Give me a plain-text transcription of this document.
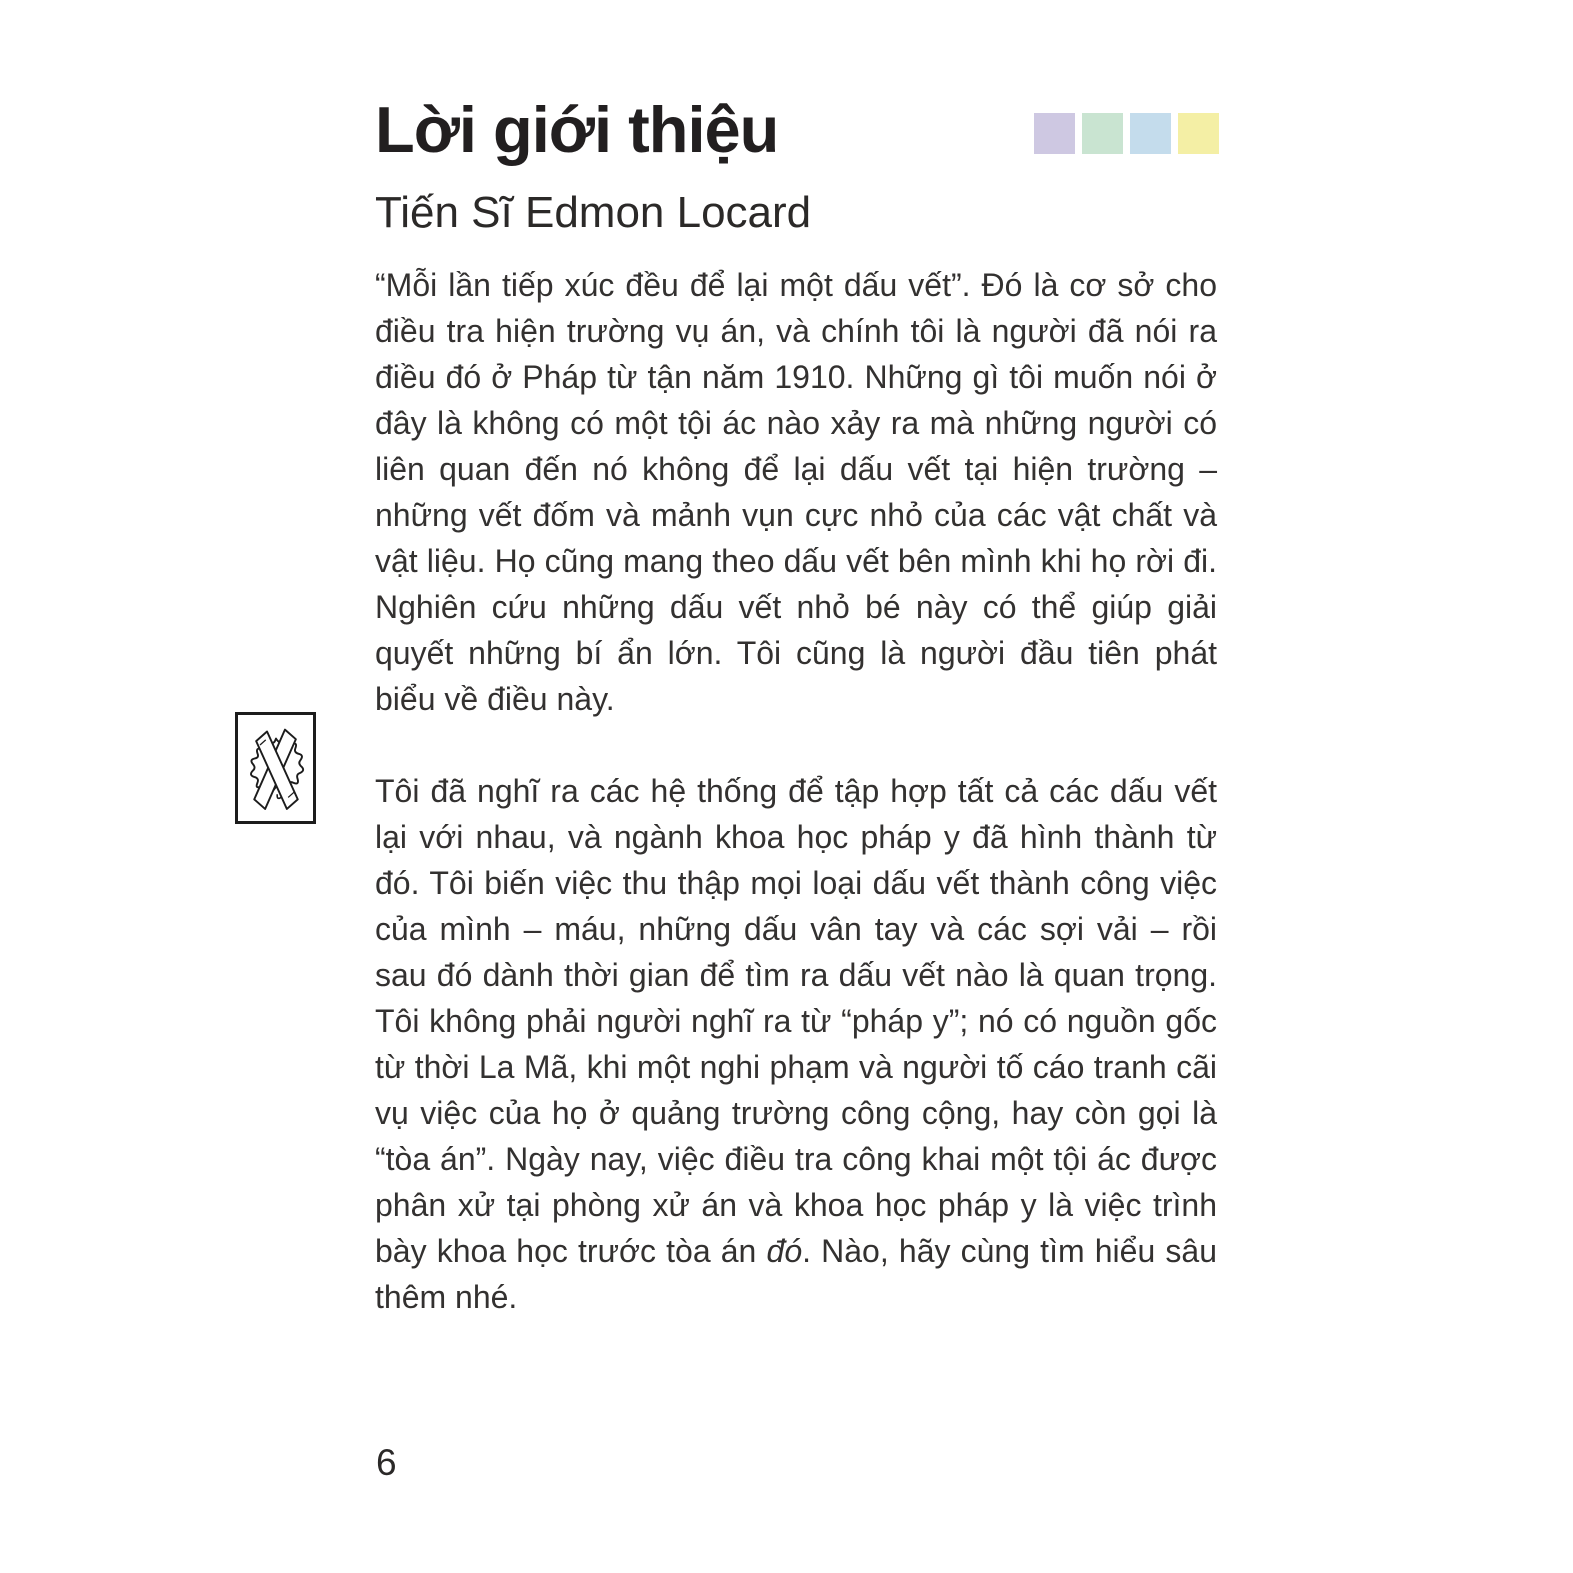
Lời giới thiệu
Tiến Sĩ Edmon Locard

“Mỗi lần tiếp xúc đều để lại một dấu vết”. Đó là cơ sở cho điều tra hiện trường vụ án, và chính tôi là người đã nói ra điều đó ở Pháp từ tận năm 1910. Những gì tôi muốn nói ở đây là không có một tội ác nào xảy ra mà những người có liên quan đến nó không để lại dấu vết tại hiện trường – những vết đốm và mảnh vụn cực nhỏ của các vật chất và vật liệu. Họ cũng mang theo dấu vết bên mình khi họ rời đi. Nghiên cứu những dấu vết nhỏ bé này có thể giúp giải quyết những bí ẩn lớn. Tôi cũng là người đầu tiên phát biểu về điều này.

Tôi đã nghĩ ra các hệ thống để tập hợp tất cả các dấu vết lại với nhau, và ngành khoa học pháp y đã hình thành từ đó. Tôi biến việc thu thập mọi loại dấu vết thành công việc của mình – máu, những dấu vân tay và các sợi vải – rồi sau đó dành thời gian để tìm ra dấu vết nào là quan trọng. Tôi không phải người nghĩ ra từ “pháp y”; nó có nguồn gốc từ thời La Mã, khi một nghi phạm và người tố cáo tranh cãi vụ việc của họ ở quảng trường công cộng, hay còn gọi là “tòa án”. Ngày nay, việc điều tra công khai một tội ác được phân xử tại phòng xử án và khoa học pháp y là việc trình bày khoa học trước tòa án đó. Nào, hãy cùng tìm hiểu sâu thêm nhé.

6
